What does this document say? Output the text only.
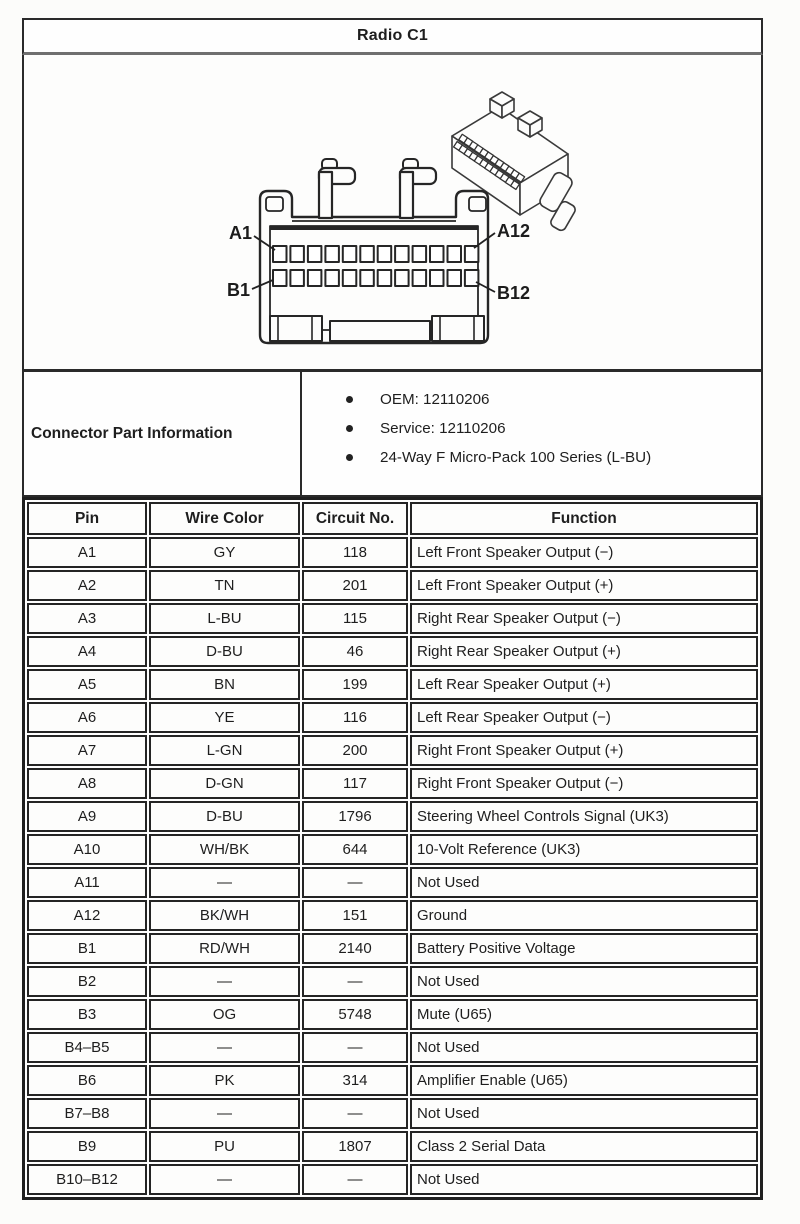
Radio C1
A1	A12
B1	B12
Connector Part Information
OEM: 12110206
Service: 12110206
24-Way F Micro-Pack 100 Series (L-BU)
Pin	Wire Color	Circuit No.	Function
A1	GY	118	Left Front Speaker Output (−)
A2	TN	201	Left Front Speaker Output (+)
A3	L-BU	115	Right Rear Speaker Output (−)
A4	D-BU	46	Right Rear Speaker Output (+)
A5	BN	199	Left Rear Speaker Output (+)
A6	YE	116	Left Rear Speaker Output (−)
A7	L-GN	200	Right Front Speaker Output (+)
A8	D-GN	117	Right Front Speaker Output (−)
A9	D-BU	1796	Steering Wheel Controls Signal (UK3)
A10	WH/BK	644	10-Volt Reference (UK3)
A11	—	—	Not Used
A12	BK/WH	151	Ground
B1	RD/WH	2140	Battery Positive Voltage
B2	—	—	Not Used
B3	OG	5748	Mute (U65)
B4–B5	—	—	Not Used
B6	PK	314	Amplifier Enable (U65)
B7–B8	—	—	Not Used
B9	PU	1807	Class 2 Serial Data
B10–B12	—	—	Not Used
